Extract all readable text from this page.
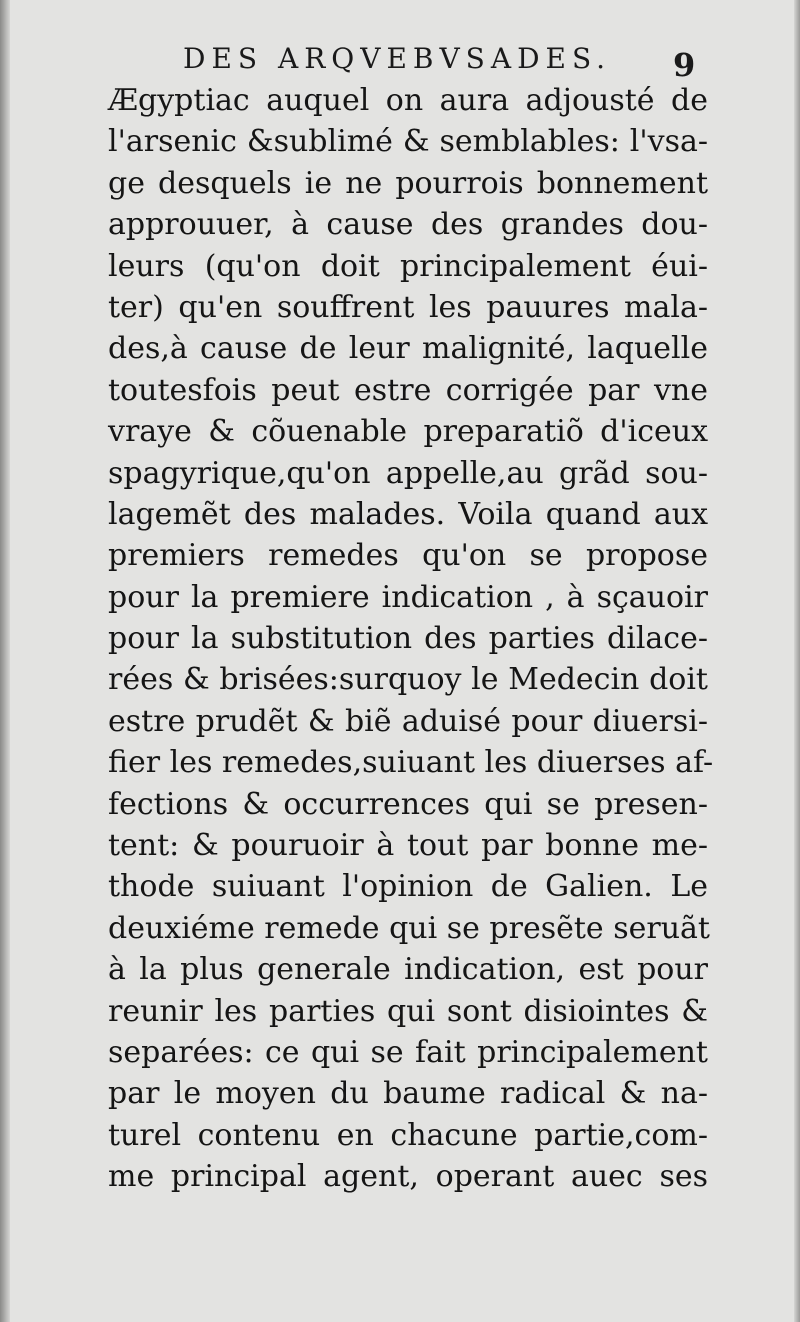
DES ARQVEBVSADES. 9
Ægyptiac auquel on aura adjousté de
l'arsenic &sublimé & semblables: l'vsa-
ge desquels ie ne pourrois bonnement
approuuer, à cause des grandes dou-
leurs (qu'on doit principalement éui-
ter) qu'en souffrent les pauures mala-
des,à cause de leur malignité, laquelle
toutesfois peut estre corrigée par vne
vraye & cõuenable preparatiõ d'iceux
spagyrique,qu'on appelle,au grãd sou-
lagemẽt des malades. Voila quand aux
premiers remedes qu'on se propose
pour la premiere indication , à sçauoir
pour la substitution des parties dilace-
rées & brisées:surquoy le Medecin doit
estre prudẽt & biẽ aduisé pour diuersi-
fier les remedes,suiuant les diuerses af-
fections & occurrences qui se presen-
tent: & pouruoir à tout par bonne me-
thode suiuant l'opinion de Galien. Le
deuxiéme remede qui se presẽte seruãt
à la plus generale indication, est pour
reunir les parties qui sont disiointes &
separées: ce qui se fait principalement
par le moyen du baume radical & na-
turel contenu en chacune partie,com-
me principal agent, operant auec ses
